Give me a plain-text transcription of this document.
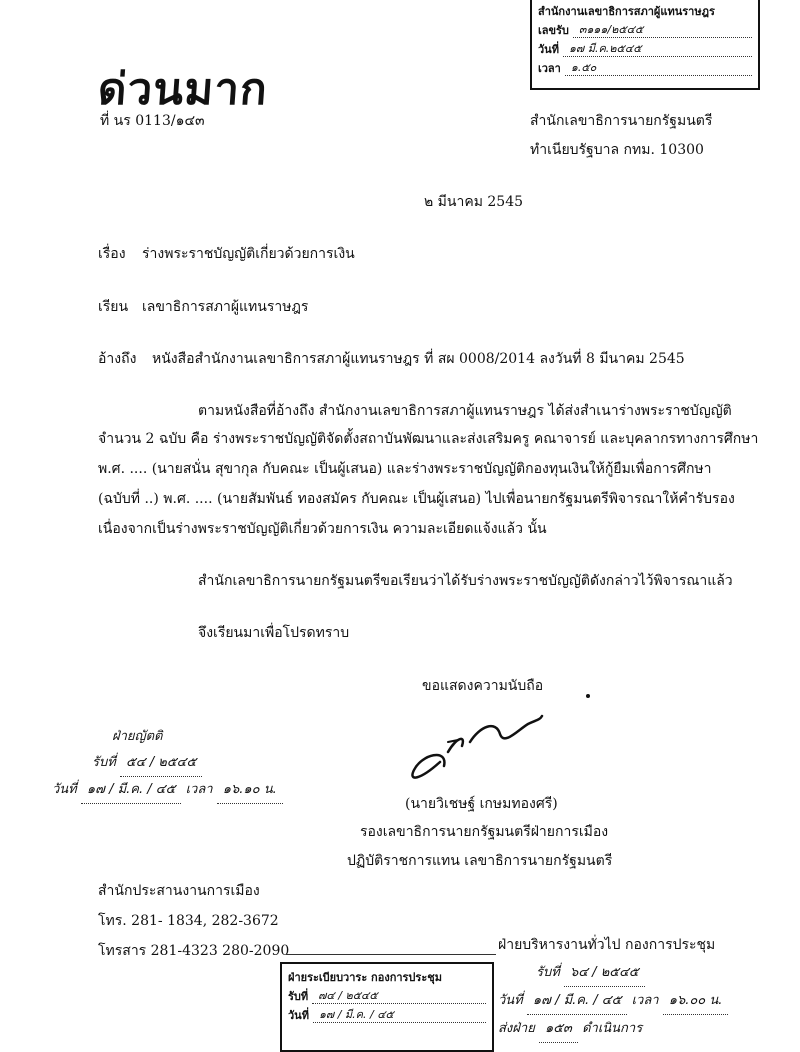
สำนักงานเลขาธิการสภาผู้แทนราษฎร
เลขรับ ๓๑๑๑/๒๕๔๕
วันที่ ๑๗ มี.ค.๒๕๔๕
เวลา ๑.๕๐
ด่วนมาก
ที่ นร 0113/๑๔๓	สำนักเลขาธิการนายกรัฐมนตรี
ทำเนียบรัฐบาล กทม. 10300
๒ มีนาคม 2545
เรื่อง ร่างพระราชบัญญัติเกี่ยวด้วยการเงิน
เรียน เลขาธิการสภาผู้แทนราษฎร
อ้างถึง หนังสือสำนักงานเลขาธิการสภาผู้แทนราษฎร ที่ สผ 0008/2014 ลงวันที่ 8 มีนาคม 2545
ตามหนังสือที่อ้างถึง สำนักงานเลขาธิการสภาผู้แทนราษฎร ได้ส่งสำเนาร่างพระราชบัญญัติ
จำนวน 2 ฉบับ คือ ร่างพระราชบัญญัติจัดตั้งสถาบันพัฒนาและส่งเสริมครู คณาจารย์ และบุคลากรทางการศึกษา
พ.ศ. .... (นายสนั่น สุขากุล กับคณะ เป็นผู้เสนอ) และร่างพระราชบัญญัติกองทุนเงินให้กู้ยืมเพื่อการศึกษา
(ฉบับที่ ..) พ.ศ. .... (นายสัมพันธ์ ทองสมัคร กับคณะ เป็นผู้เสนอ) ไปเพื่อนายกรัฐมนตรีพิจารณาให้คำรับรอง
เนื่องจากเป็นร่างพระราชบัญญัติเกี่ยวด้วยการเงิน ความละเอียดแจ้งแล้ว นั้น
สำนักเลขาธิการนายกรัฐมนตรีขอเรียนว่าได้รับร่างพระราชบัญญัติดังกล่าวไว้พิจารณาแล้ว
จึงเรียนมาเพื่อโปรดทราบ
ขอแสดงความนับถือ
(นายวิเชษฐ์ เกษมทองศรี)
รองเลขาธิการนายกรัฐมนตรีฝ่ายการเมือง
ปฏิบัติราชการแทน เลขาธิการนายกรัฐมนตรี
ฝ่ายญัตติ
รับที่ ๕๔ / ๒๕๔๕
วันที่ ๑๗ / มี.ค. / ๔๕ เวลา ๑๖.๑๐ น.
สำนักประสานงานการเมือง
โทร. 281- 1834, 282-3672
โทรสาร 281-4323 280-2090
ฝ่ายระเบียบวาระ กองการประชุม
รับที่ ๗๔ / ๒๕๔๕
วันที่ ๑๗ / มี.ค. / ๔๕
ฝ่ายบริหารงานทั่วไป กองการประชุม
รับที่ ๖๔ / ๒๕๔๕
วันที่ ๑๗ / มี.ค. / ๔๕ เวลา ๑๖.๐๐ น.
ส่งฝ่าย ๑๕๓ ดำเนินการ
